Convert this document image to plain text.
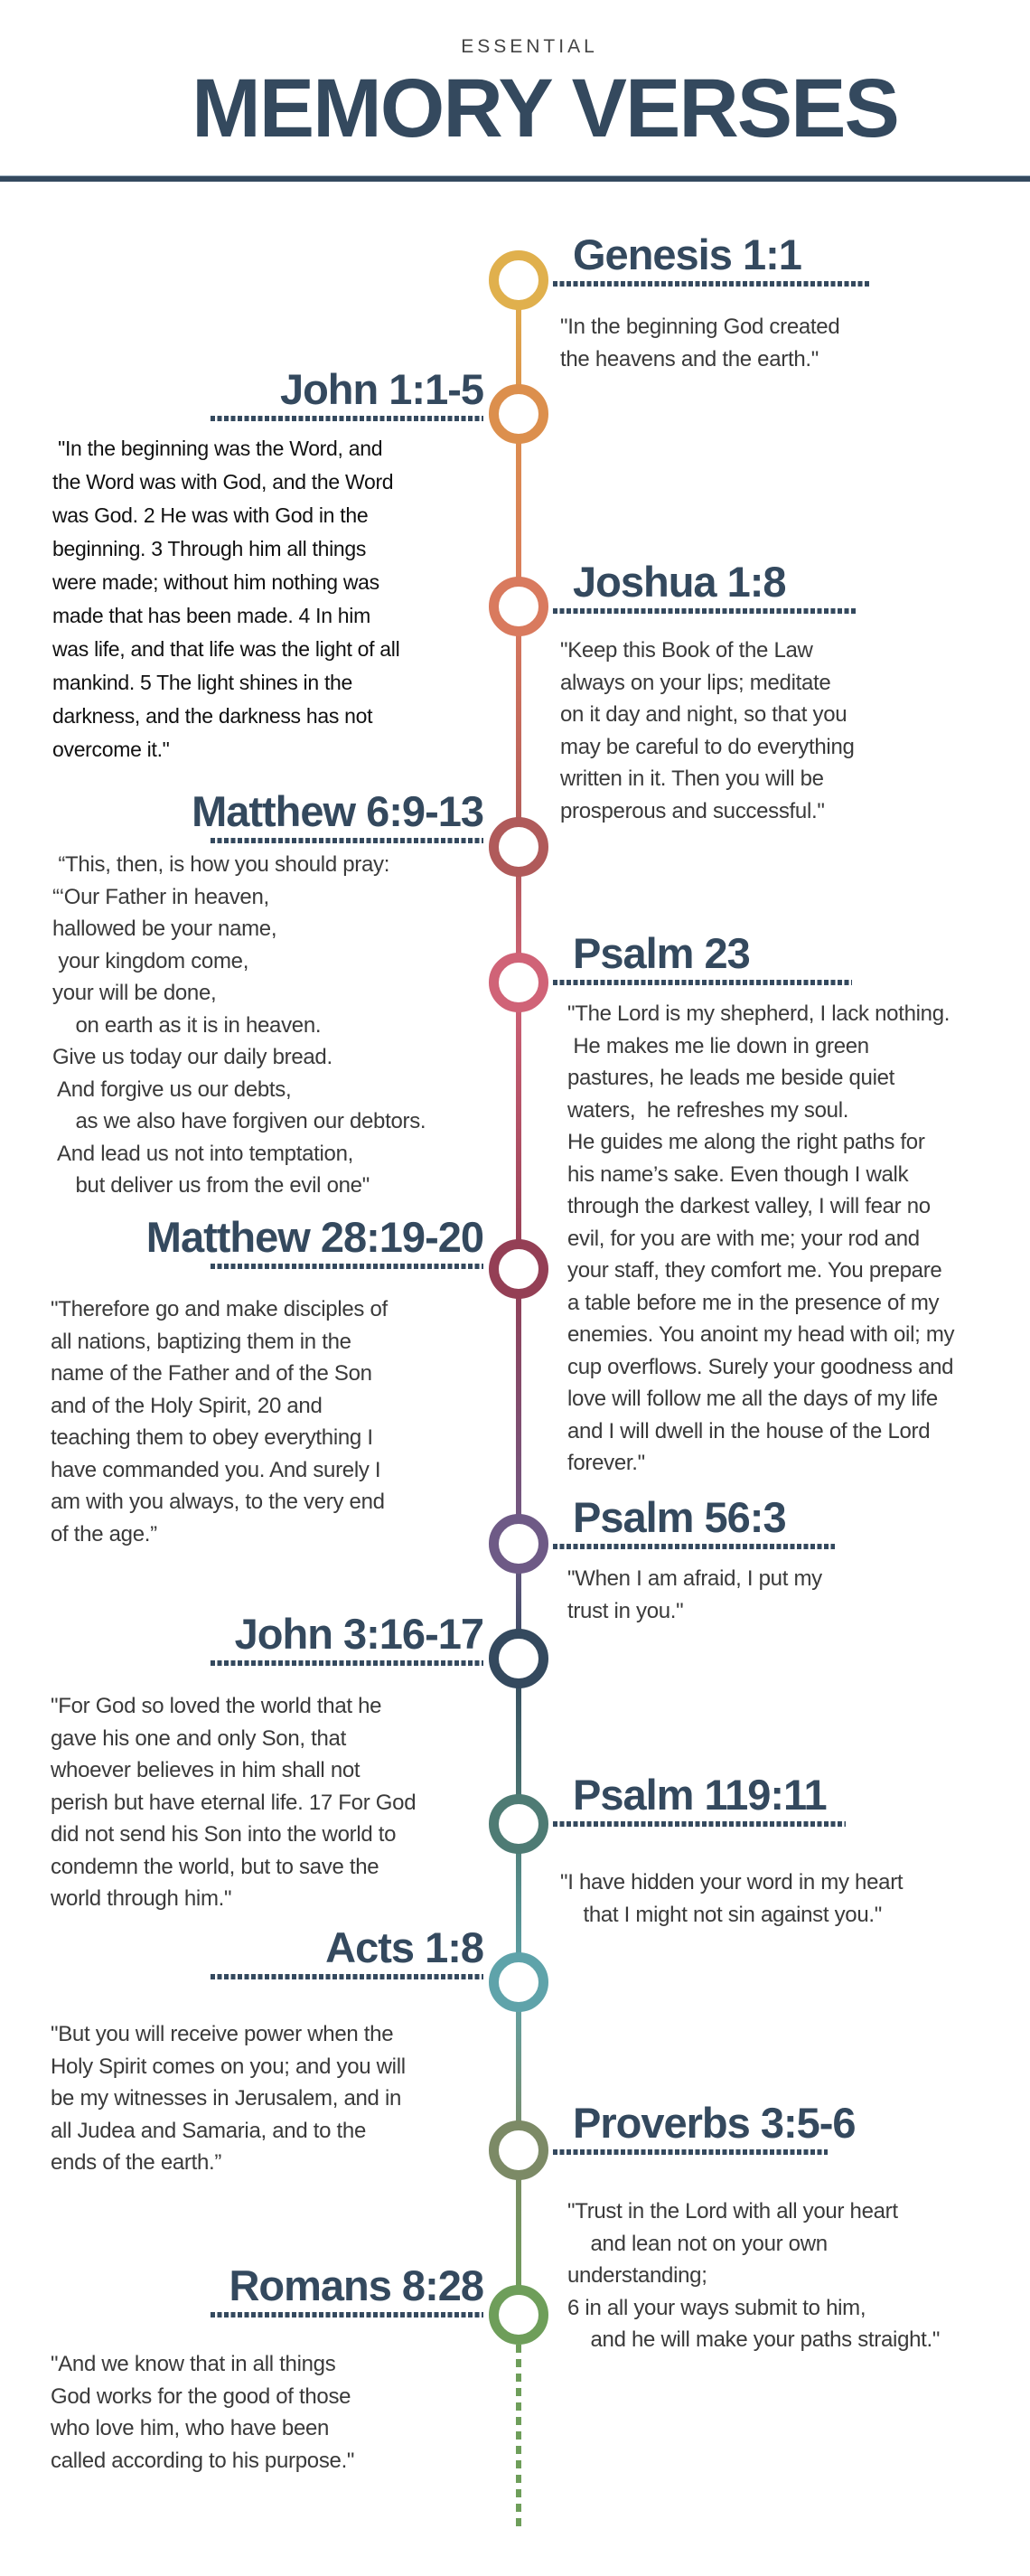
ESSENTIAL
MEMORY VERSES
Genesis 1:1
"In the beginning God created
the heavens and the earth."
John 1:1-5
"In the beginning was the Word, and
the Word was with God, and the Word
was God. 2 He was with God in the
beginning. 3 Through him all things
were made; without him nothing was
made that has been made. 4 In him
was life, and that life was the light of all
mankind. 5 The light shines in the
darkness, and the darkness has not
overcome it."
Joshua 1:8
"Keep this Book of the Law
always on your lips; meditate
on it day and night, so that you
may be careful to do everything
written in it. Then you will be
prosperous and successful."
Matthew 6:9-13
“This, then, is how you should pray:
“‘Our Father in heaven,
hallowed be your name,
your kingdom come,
your will be done,
on earth as it is in heaven.
Give us today our daily bread.
And forgive us our debts,
as we also have forgiven our debtors.
And lead us not into temptation,
but deliver us from the evil one"
Psalm 23
"The Lord is my shepherd, I lack nothing.
He makes me lie down in green
pastures, he leads me beside quiet
waters,  he refreshes my soul.
He guides me along the right paths for
his name’s sake. Even though I walk
through the darkest valley, I will fear no
evil, for you are with me; your rod and
your staff, they comfort me. You prepare
a table before me in the presence of my
enemies. You anoint my head with oil; my
cup overflows. Surely your goodness and
love will follow me all the days of my life
and I will dwell in the house of the Lord
forever."
Matthew 28:19-20
"Therefore go and make disciples of
all nations, baptizing them in the
name of the Father and of the Son
and of the Holy Spirit, 20 and
teaching them to obey everything I
have commanded you. And surely I
am with you always, to the very end
of the age.”	Psalm 56:3
"When I am afraid, I put my
trust in you."
John 3:16-17
"For God so loved the world that he
gave his one and only Son, that
whoever believes in him shall not
perish but have eternal life. 17 For God
did not send his Son into the world to
condemn the world, but to save the
world through him."
Psalm 119:11
"I have hidden your word in my heart
that I might not sin against you."
Acts 1:8
"But you will receive power when the
Holy Spirit comes on you; and you will
be my witnesses in Jerusalem, and in
all Judea and Samaria, and to the
ends of the earth.”
Proverbs 3:5-6
"Trust in the Lord with all your heart
and lean not on your own
understanding;
6 in all your ways submit to him,
and he will make your paths straight."
Romans 8:28
"And we know that in all things
God works for the good of those
who love him, who have been
called according to his purpose."
